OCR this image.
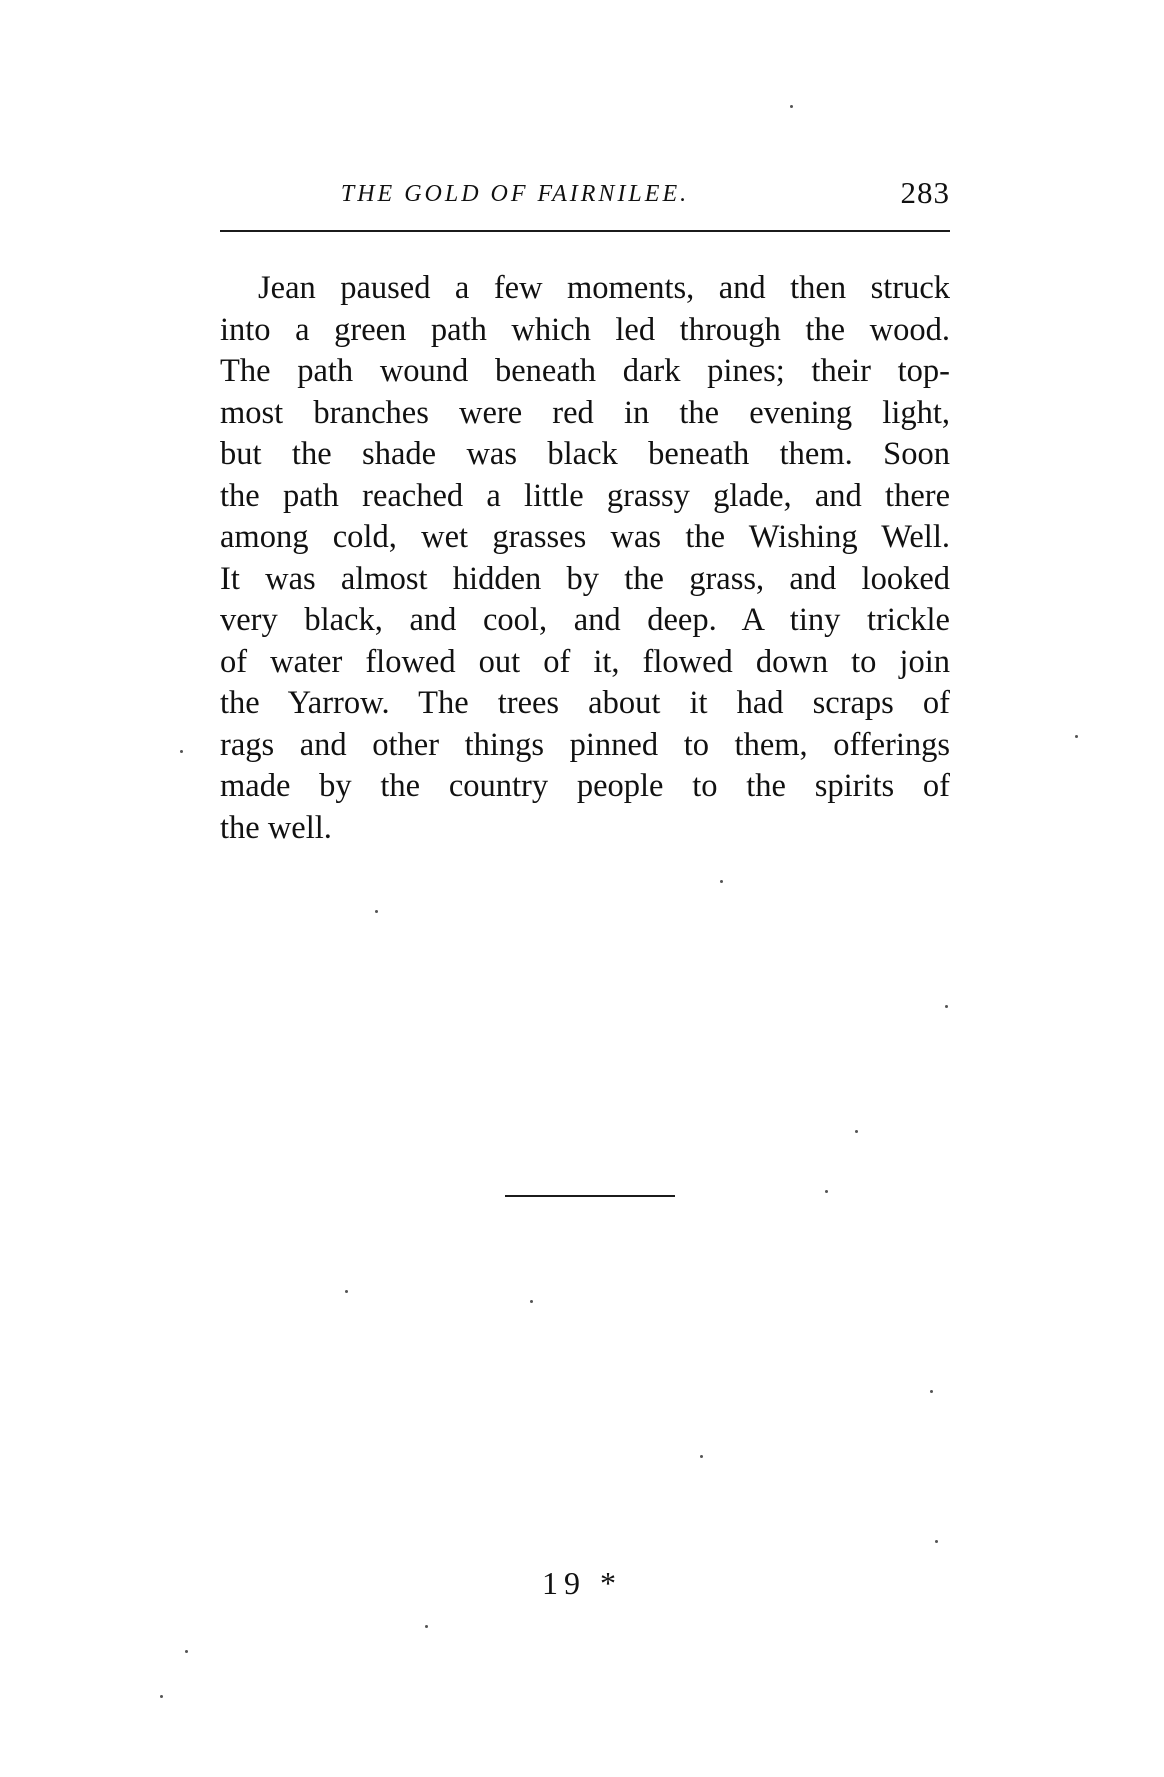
THE GOLD OF FAIRNILEE.	283
Jean paused a few moments, and then struck
into a green path which led through the wood.
The path wound beneath dark pines; their top-
most branches were red in the evening light,
but the shade was black beneath them. Soon
the path reached a little grassy glade, and there
among cold, wet grasses was the Wishing Well.
It was almost hidden by the grass, and looked
very black, and cool, and deep. A tiny trickle
of water flowed out of it, flowed down to join
the Yarrow. The trees about it had scraps of
rags and other things pinned to them, offerings
made by the country people to the spirits of
the well.
19 *
